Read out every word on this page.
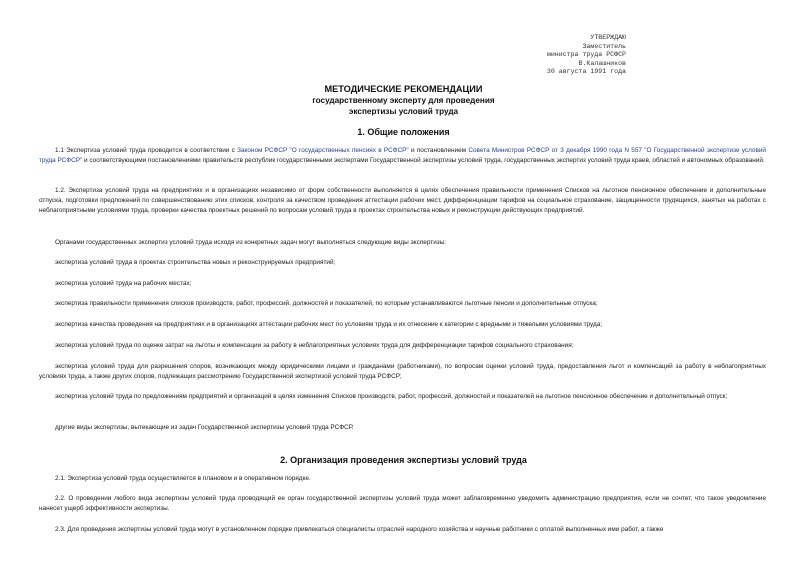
УТВЕРЖДАЮ
Заместитель
министра труда РСФСР
В.Калашников
30 августа 1991 года
МЕТОДИЧЕСКИЕ РЕКОМЕНДАЦИИ
государственному эксперту для проведения
экспертизы условий труда
1. Общие положения

1.1 Экспертиза условий труда проводится в соответствии с Законом РСФСР "О государственных пенсиях в РСФСР" и постановлением Совета Министров РСФСР от 3 декабря 1990 года N 557 "О Государственной экспертизе условий труда РСФСР" и соответствующими постановлениями правительств республик государственными экспертами Государственной экспертизы условий труда, государственных экспертиз условий труда краев, областей и автономных образований.

1.2. Экспертиза условий труда на предприятиях и в организациях независимо от форм собственности выполняется в целях обеспечения правильности применения Списков на льготное пенсионное обеспечение и дополнительные отпуска, подготовки предложений по совершенствованию этих списков, контроля за качеством проведения аттестации рабочих мест, дифференциации тарифов на социальное страхование, защищенности трудящихся, занятых на работах с неблагоприятными условиями труда, проверки качества проектных решений по вопросам условий труда в проектах строительства новых и реконструкции действующих предприятий.

Органами государственных экспертиз условий труда исходя из конкретных задач могут выполняться следующие виды экспертизы:

экспертиза условий труда в проектах строительства новых и реконструируемых предприятий;

экспертиза условий труда на рабочих местах;

экспертиза правильности применения списков производств, работ, профессий, должностей и показателей, по которым устанавливаются льготные пенсии и дополнительные отпуска;

экспертиза качества проведения на предприятиях и в организациях аттестации рабочих мест по условиям труда и их отнесение к категории с вредными и тяжелыми условиями труда;

экспертиза условий труда по оценке затрат на льготы и компенсации за работу в неблагоприятных условиях труда для дифференциации тарифов социального страхования;

экспертиза условий труда для разрешения споров, возникающих между юридическими лицами и гражданами (работниками), по вопросам оценки условий труда, предоставления льгот и компенсаций за работу в неблагоприятных условиях труда, а также других споров, подлежащих рассмотрению Государственной экспертизой условий труда РСФСР;

экспертиза условий труда по предложениям предприятий и организаций в целях изменения Списков производств, работ, профессий, должностей и показателей на льготное пенсионное обеспечение и дополнительный отпуск;

другие виды экспертизы, вытекающие из задач Государственной экспертизы условий труда РСФСР.

2. Организация проведения экспертизы условий труда

2.1. Экспертиза условий труда осуществляется в плановом и в оперативном порядке.

2.2. О проведении любого вида экспертизы условий труда проводящий ее орган государственной экспертизы условий труда может заблаговременно уведомить администрацию предприятия, если не сочтет, что такое уведомление нанесет ущерб эффективности экспертизы.

2.3. Для проведения экспертизы условий труда могут в установленном порядке привлекаться специалисты отраслей народного хозяйства и научные работники с оплатой выполненных ими работ, а также
